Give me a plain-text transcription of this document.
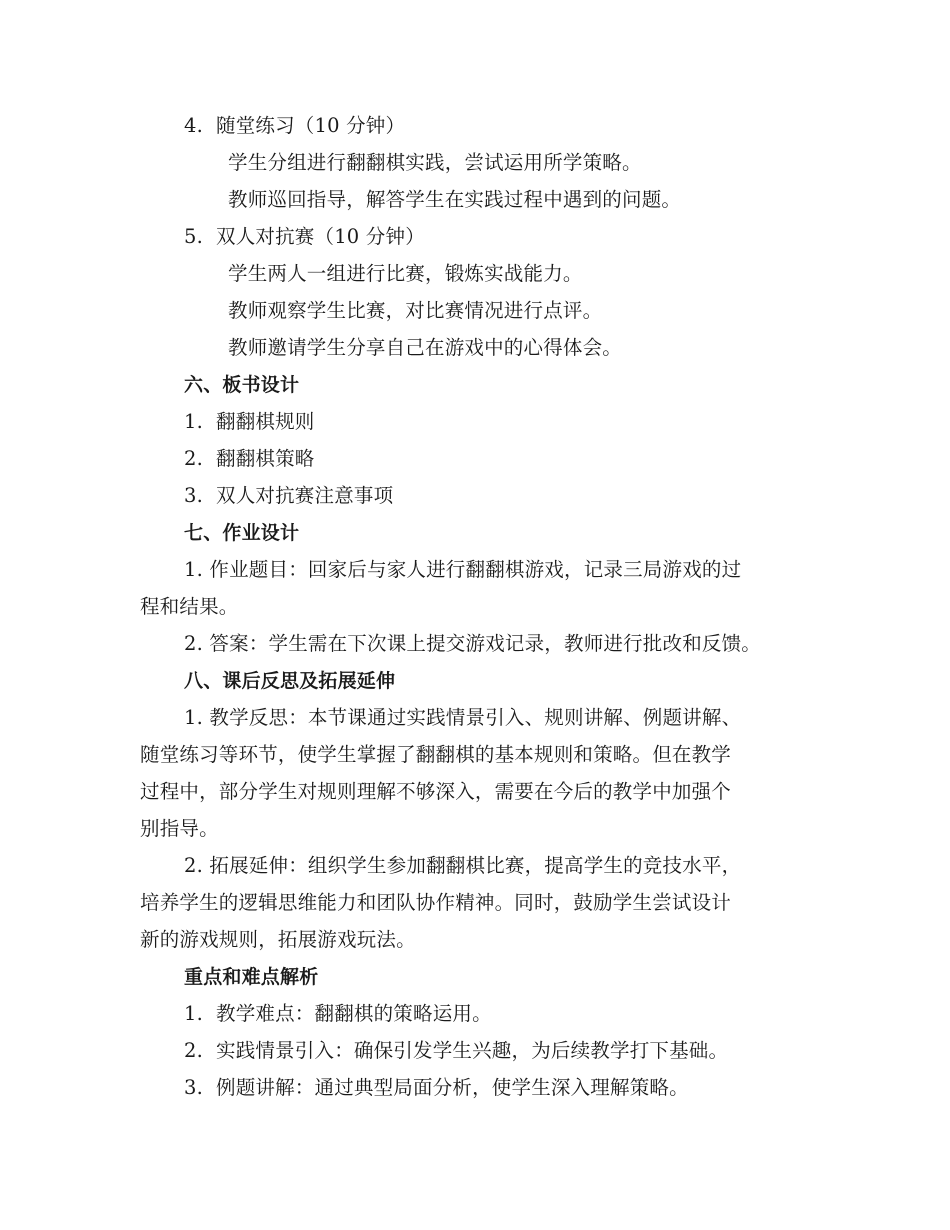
4. 随堂练习（10 分钟）
学生分组进行翻翻棋实践，尝试运用所学策略。
教师巡回指导，解答学生在实践过程中遇到的问题。
5. 双人对抗赛（10 分钟）
学生两人一组进行比赛，锻炼实战能力。
教师观察学生比赛，对比赛情况进行点评。
教师邀请学生分享自己在游戏中的心得体会。
六、板书设计
1. 翻翻棋规则
2. 翻翻棋策略
3. 双人对抗赛注意事项
七、作业设计
1. 作业题目：回家后与家人进行翻翻棋游戏，记录三局游戏的过
程和结果。
2. 答案：学生需在下次课上提交游戏记录，教师进行批改和反馈。
八、课后反思及拓展延伸
1. 教学反思：本节课通过实践情景引入、规则讲解、例题讲解、
随堂练习等环节，使学生掌握了翻翻棋的基本规则和策略。但在教学
过程中，部分学生对规则理解不够深入，需要在今后的教学中加强个
别指导。
2. 拓展延伸：组织学生参加翻翻棋比赛，提高学生的竞技水平，
培养学生的逻辑思维能力和团队协作精神。同时，鼓励学生尝试设计
新的游戏规则，拓展游戏玩法。
重点和难点解析
1. 教学难点：翻翻棋的策略运用。
2. 实践情景引入：确保引发学生兴趣，为后续教学打下基础。
3. 例题讲解：通过典型局面分析，使学生深入理解策略。
